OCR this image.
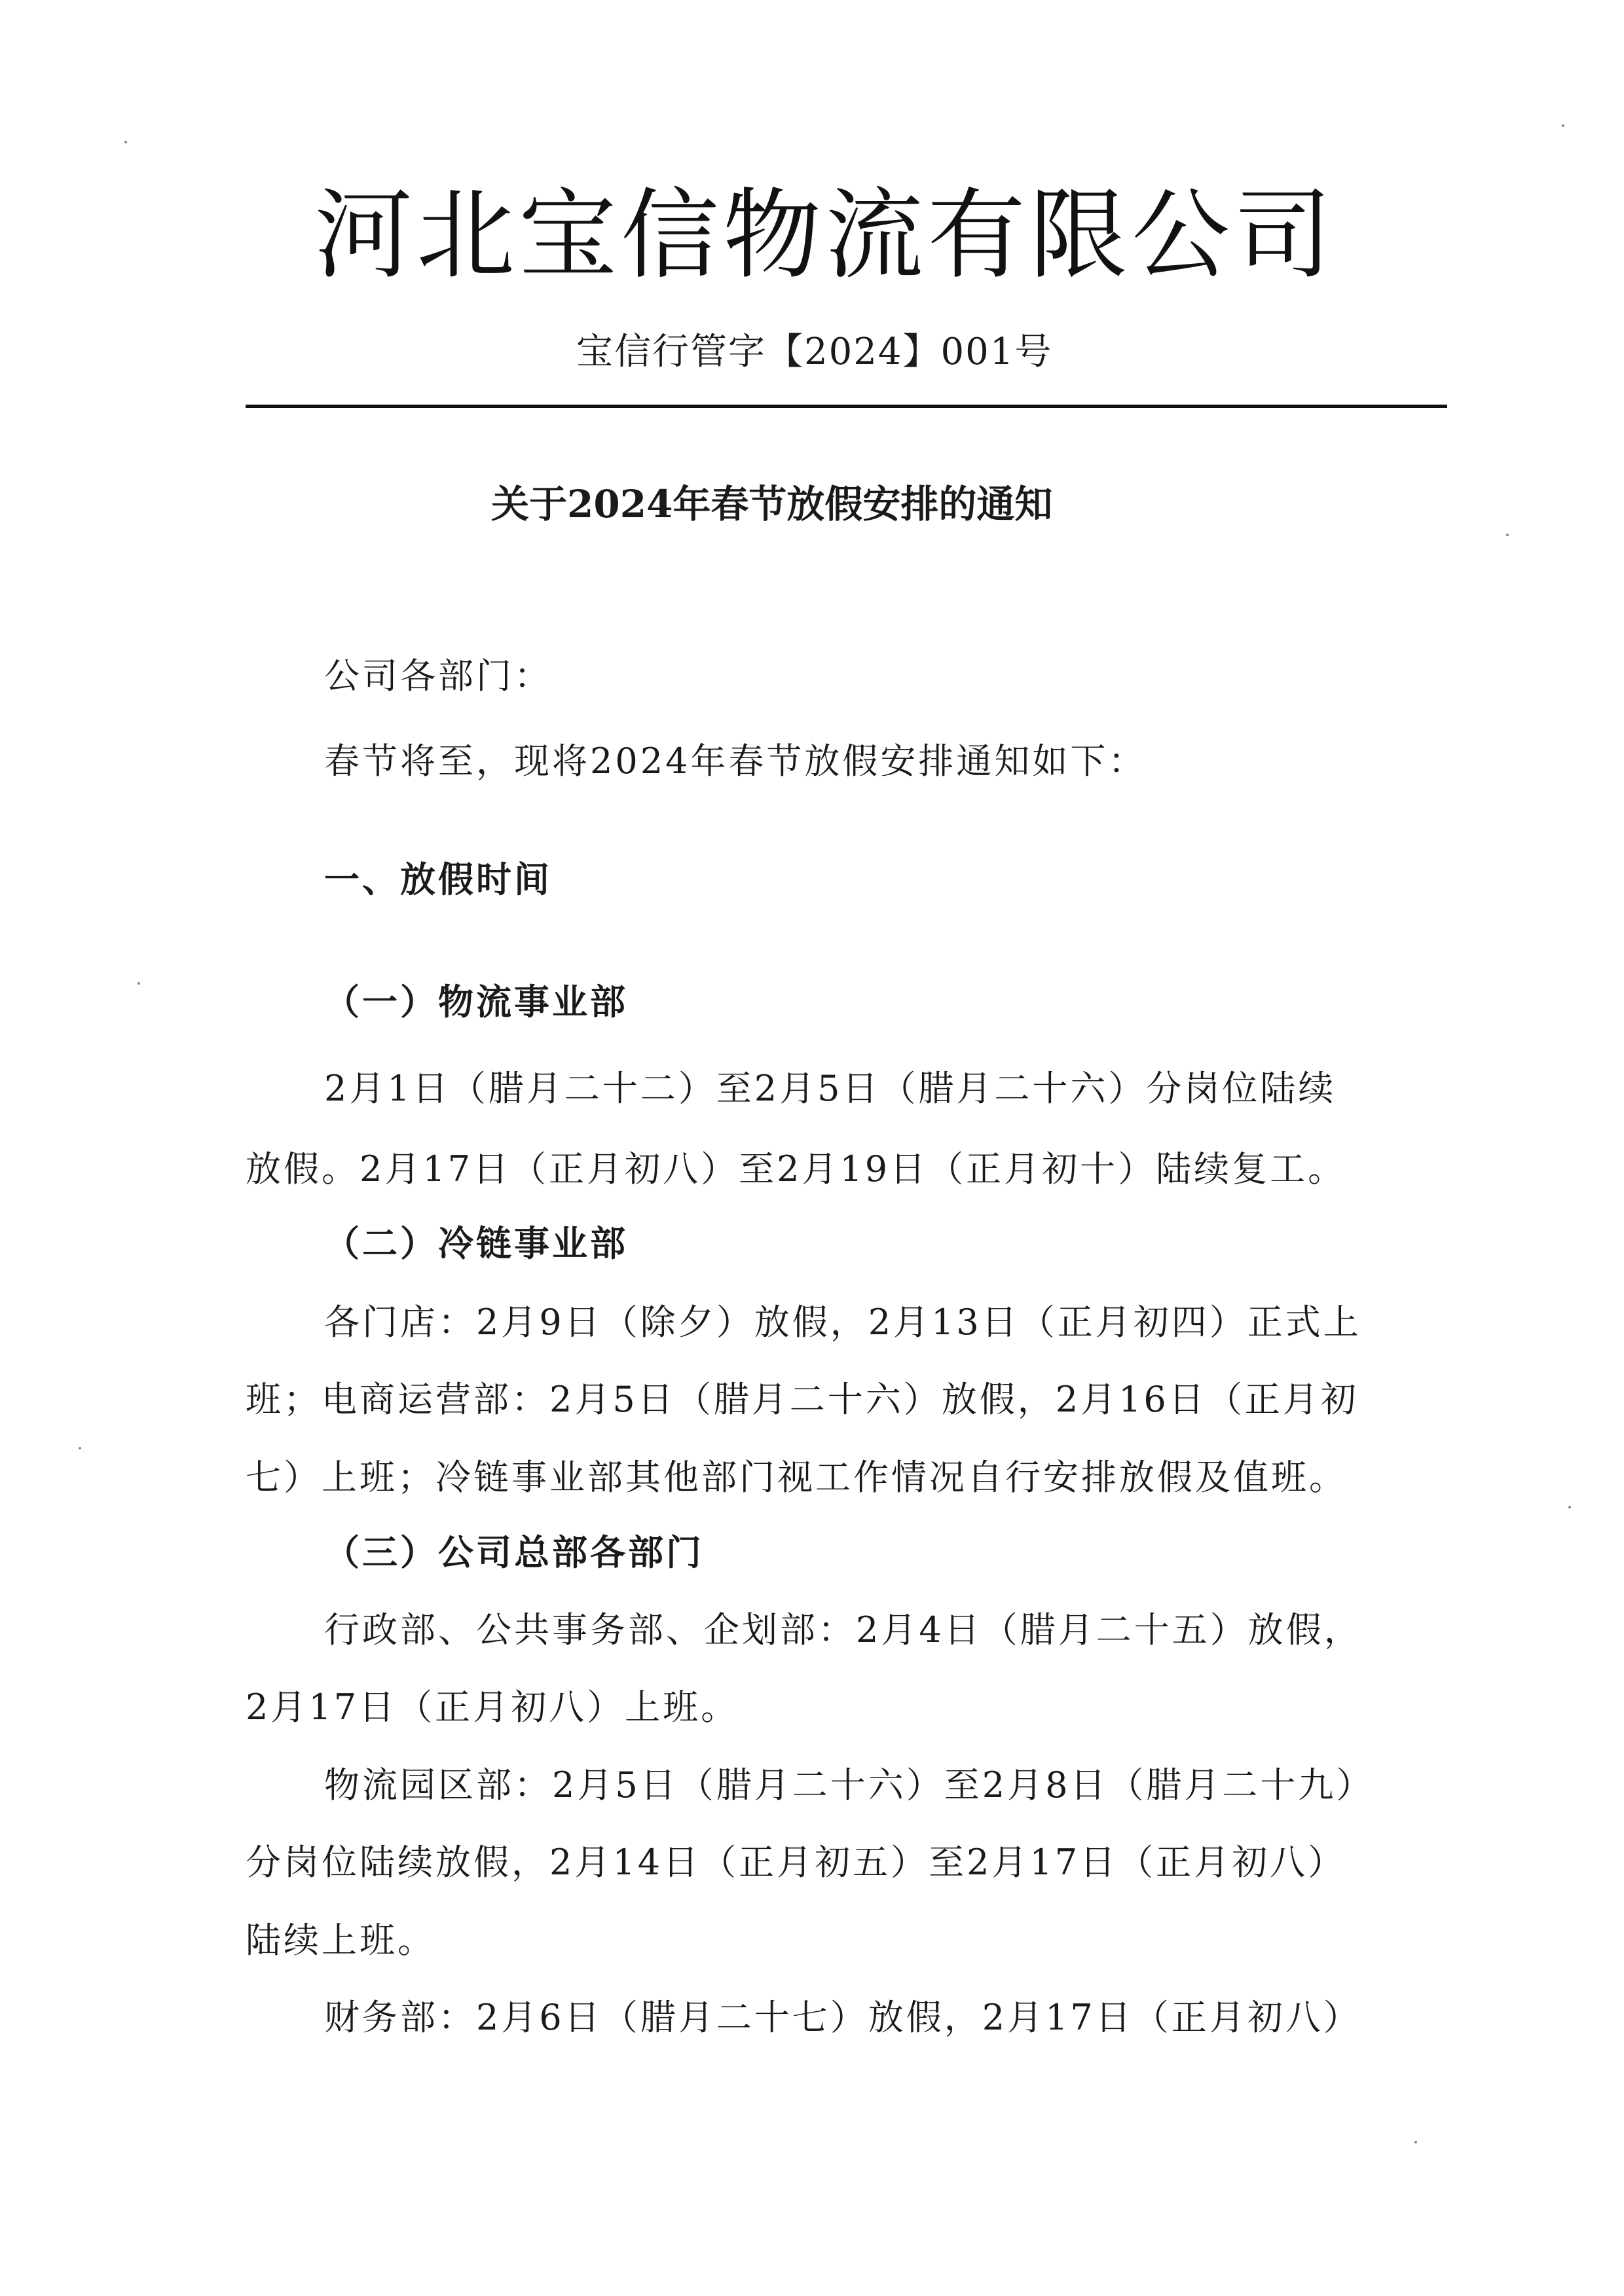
河北宝信物流有限公司
宝信行管字【2024】001号
关于2024年春节放假安排的通知
公司各部门：
春节将至，现将2024年春节放假安排通知如下：
一、放假时间
（一）物流事业部
2月1日（腊月二十二）至2月5日（腊月二十六）分岗位陆续
放假。2月17日（正月初八）至2月19日（正月初十）陆续复工。
（二）冷链事业部
各门店：2月9日（除夕）放假，2月13日（正月初四）正式上
班；电商运营部：2月5日（腊月二十六）放假，2月16日（正月初
七）上班；冷链事业部其他部门视工作情况自行安排放假及值班。
（三）公司总部各部门
行政部、公共事务部、企划部：2月4日（腊月二十五）放假，
2月17日（正月初八）上班。
物流园区部：2月5日（腊月二十六）至2月8日（腊月二十九）
分岗位陆续放假，2月14日（正月初五）至2月17日（正月初八）
陆续上班。
财务部：2月6日（腊月二十七）放假，2月17日（正月初八）
